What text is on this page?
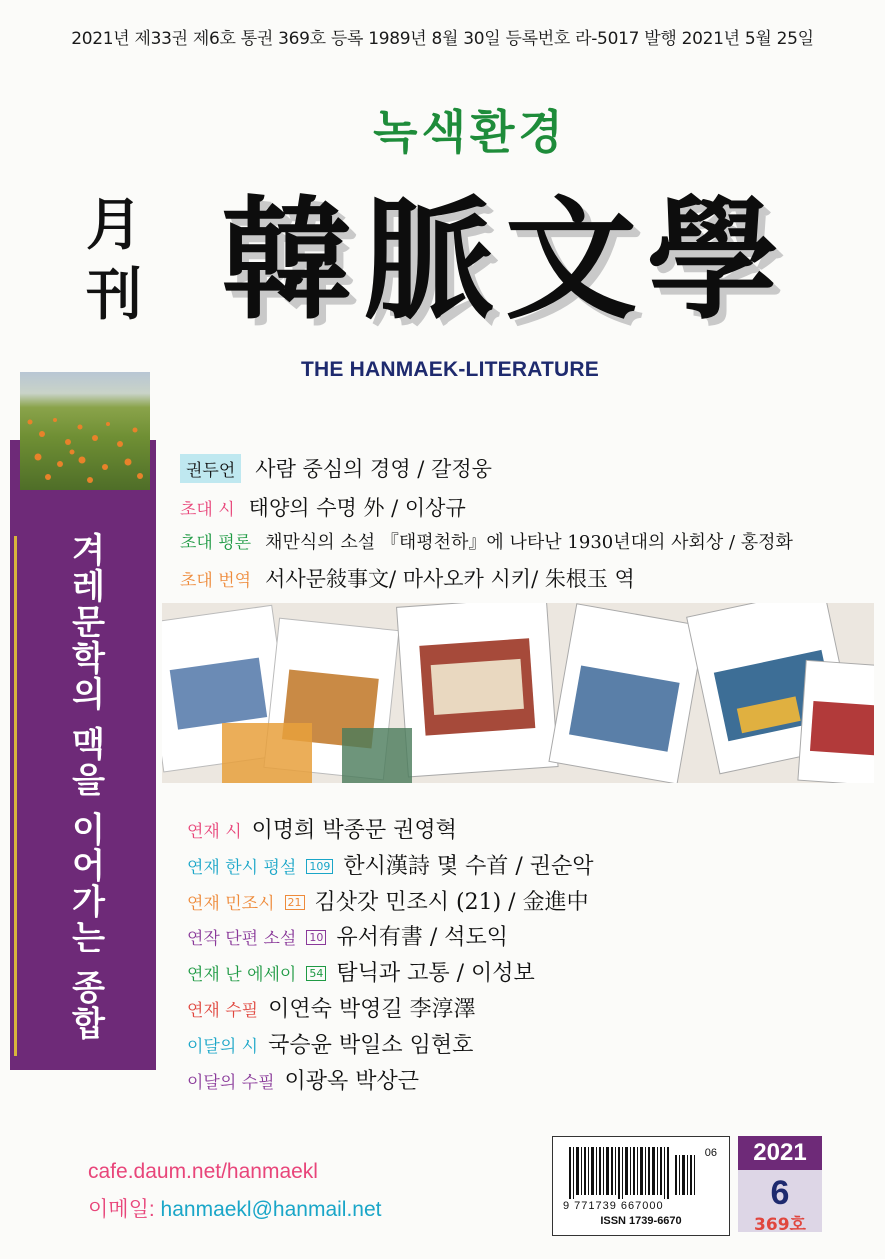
2021년 제33권 제6호 통권 369호 등록 1989년 8월 30일 등록번호 라-5017 발행 2021년 5월 25일
녹색환경
月刊 韓脈文學
THE HANMAEK-LITERATURE
겨레문학의 맥을 이어가는 종합
권두언 사람 중심의 경영 / 갈정웅
초대 시 태양의 수명 外 / 이상규
초대 평론 채만식의 소설 『태평천하』에 나타난 1930년대의 사회상 / 홍정화
초대 번역 서사문敍事文/ 마사오카 시키/ 朱根玉 역
연재 시 이명희 박종문 권영혁
연재 한시 평설 109 한시漢詩 몇 수首 / 권순악
연재 민조시 21 김삿갓 민조시 (21) / 金進中
연작 단편 소설 10 유서有書 / 석도익
연재 난 에세이 54 탐닉과 고통 / 이성보
연재 수필 이연숙 박영길 李淳澤
이달의 시 국승윤 박일소 임현호
이달의 수필 이광옥 박상근
cafe.daum.net/hanmaekl
이메일: hanmaekl@hanmail.net
06
9 771739 667000
ISSN 1739-6670
2021
6
369호
